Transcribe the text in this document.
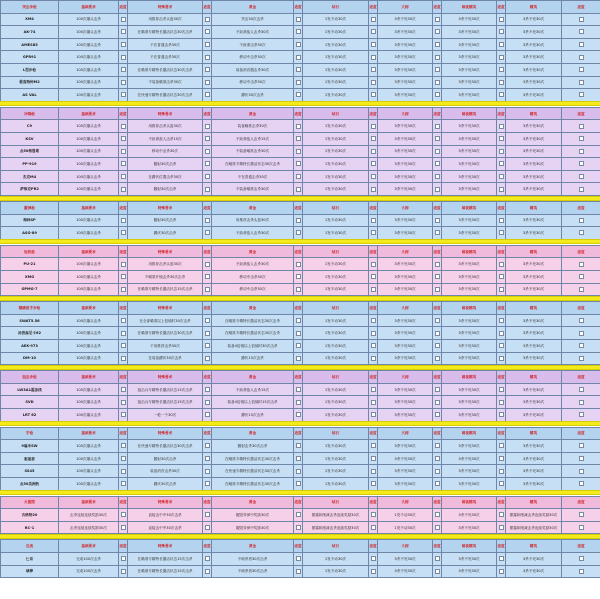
突击步枪	基础要求	进度	特殊要求	进度	黄金	进度	钻石	进度	大师	进度	暗夜精英	进度	精英	进度
XM4	100次爆头击杀		用推荐击杀头盔30次		突击30次击杀		1发不动30次		3杀不死30次		3杀不死30次		3杀不死30次	
AK-74	100次爆头击杀		在瞄准专精特长激活状态30次击杀		不致命敌人击杀30次		1发不动30次		3杀不死30次		3杀不死30次		3杀不死30次	
AMES85	100次爆头击杀		不在普通击杀30次		不致命击杀30次		1发不动30次		3杀不死30次		3杀不死30次		3杀不死30次	
GPR91	100次爆头击杀		不在普通击杀30次		移动中击杀30次		1发不动30次		3杀不死30次		3杀不死30次		3杀不死30次	
L型步枪	100次爆头击杀		在瞄准专精特长激活状态30次击杀		装备消音器击杀30次		1发不动30次		3杀不死30次		3杀不死30次		3杀不死30次	
极客特种M2	100次爆头击杀		不装备瞄准击杀30次		移动中击杀30次		1发不动30次		3杀不死30次		3杀不死30次		3杀不死30次	
AS VAL	100次爆头击杀		在快速专精特长激活状态30次击杀		蹲伏30次击杀		1发不动30次		3杀不死30次		3杀不死30次		3杀不死30次	
冲锋枪	基础要求	进度	特殊要求	进度	黄金	进度	钻石	进度	大师	进度	暗夜精英	进度	精英	进度
C9	100次爆头击杀		用推荐击杀头盔30次		装备瞄准击杀30次		1发不动30次		3杀不死30次		3杀不死30次		3杀不死30次	
KSV	100次爆头击杀		不致命敌人击杀15次		不致命敌人击杀15次		1发不动30次		3杀不死30次		3杀不死30次		3杀不死30次	
点50格鲁斯	100次爆头击杀		移动中击杀30次		不装备瞄准击杀30次		1发不动30次		3杀不死30次		3杀不死30次		3杀不死30次	
PP-919	100次爆头击杀		腰射30次击杀		在瞄准专精特长激活状态30次击杀		1发不动30次		3杀不死30次		3杀不死30次		3杀不死30次	
杰克M4	100次爆头击杀		在蹲伏位置击杀30次		不在普通击杀30次		1发不动30次		3杀不死30次		3杀不死30次		3杀不死30次	
萨维克PR2	100次爆头击杀		腰射30次击杀		不装备瞄准击杀30次		1发不动30次		3杀不死30次		3杀不死30次		3杀不死30次	
霰弹枪	基础要求	进度	特殊要求	进度	黄金	进度	钻石	进度	大师	进度	暗夜精英	进度	精英	进度
梅林SP	100次爆头击杀		腰射30次击杀		用推荐击杀头盔30次		1发不动30次		3杀不死30次		3杀不死30次		3杀不死30次	
ASG-89	100次爆头击杀		蹲伏30次击杀		不致命敌人击杀30次		1发不动30次		3杀不死30次		3杀不死30次		3杀不死30次	
轻机枪	基础要求	进度	特殊要求	进度	黄金	进度	钻石	进度	大师	进度	暗夜精英	进度	精英	进度
PU-21	100次爆头击杀		用推荐击杀头盔30次		不致命敌人击杀30次		1发不动30次		3杀不死30次		3杀不死30次		3杀不死30次	
XMG	100次爆头击杀		不瞄准开镜击杀30次击杀		移动中击杀30次		1发不动30次		3杀不死30次		3杀不死30次		3杀不死30次	
GPMG-7	100次爆头击杀		在瞄准专精特长激活状态15次击杀		移动中击杀30次		1发不动30次		3杀不死30次		3杀不死30次		3杀不死30次	
精确射手步枪	基础要求	进度	特殊要求	进度	黄金	进度	钻石	进度	大师	进度	暗夜精英	进度	精英	进度
SWAT5.56	100次爆头击杀		在全部瞄准以上倍镜时30次击杀		在瞄准专精特长激活状态30次击杀		1发不动30次		3杀不死30次		3杀不死30次		3杀不死30次	
汤普森尼卡62	100次爆头击杀		在瞄准专精特长激活状态30次击杀		在瞄准专精特长激活状态30次击杀		1发不动30次		3杀不死30次		3杀不死30次		3杀不死30次	
AEK-973	100次爆头击杀		不用推荐击杀30次		装备4倍镜以上倍镜时30次击杀		1发不动30次		3杀不死30次		3杀不死30次		3杀不死30次	
DM-10	100次爆头击杀		在装备蹲伏30次击杀		蹲伏15次击杀		1发不动30次		3杀不死30次		3杀不死30次		3杀不死30次	
狙击步枪	基础要求	进度	特殊要求	进度	黄金	进度	钻石	进度	大师	进度	暗夜精英	进度	精英	进度
LW3A1霜冻线	100次爆头击杀		狙击兵专精特长激活状态15次击杀		不致命敌人击杀15次		1发不动30次		3杀不死30次		3杀不死30次		3杀不死30次	
SVD	100次爆头击杀		狙击兵专精特长激活状态15次击杀		装备4倍镜以上倍镜时15次击杀		1发不动30次		3杀不死30次		3杀不死30次		3杀不死30次	
LRT 62	100次爆头击杀		一枪一个30次		蹲伏15次击杀		1发不动30次		3杀不死30次		3杀不死30次		3杀不死30次	
手枪	基础要求	进度	特殊要求	进度	黄金	进度	钻石	进度	大师	进度	暗夜精英	进度	精英	进度
9毫米SW	100次爆头击杀		在快速专精特长激活状态30次击杀		腰射击杀30次击杀		1发不动30次		3杀不死30次		3杀不死30次		3杀不死30次	
驱逐者	100次爆头击杀		腰射30次击杀		在瞄准专精特长激活状态30次击杀		1发不动30次		3杀不死30次		3杀不死30次		3杀不死30次	
SS45	100次爆头击杀		装备消音击杀30次		在快速专精特长激活状态30次击杀		1发不动30次		3杀不死30次		3杀不死30次		3杀不死30次	
点50美洲豹	100次爆头击杀		蹲伏30次击杀		在瞄准专精特长激活状态30次击杀		1发不动30次		3杀不死30次		3杀不死30次		3杀不死30次	
火箭筒	基础要求	进度	特殊要求	进度	黄金	进度	钻石	进度	大师	进度	暗夜精英	进度	精英	进度
吉格特20	击杀连续连续奖励30次		直接击中中30次击杀		摧毁导弹中奖励30次		暴露和削减击杀连续奖励30次		1发不动30次		3杀不死30次		暴露和削减击杀连续奖励30次	
RC-1	击杀连续连续奖励30次		直接击中中30次击杀		摧毁导弹中奖励30次		暴露和削减击杀连续奖励30次		1发不动30次		3杀不死30次		暴露和削减击杀连续奖励30次	
近战	基础要求	进度	特殊要求	进度	黄金	进度	钻石	进度	大师	进度	暗夜精英	进度	精英	进度
匕首	完成100次击杀		在瞄准专精特长激活状态15次击杀		不暗杀者30次击杀		1发不动30次		3杀不死30次		3杀不死30次		3杀不死30次	
球棒	完成100次击杀		在瞄准专精特长激活状态15次击杀		不暗杀者30次击杀		1发不动30次		3杀不死30次		3杀不死30次		3杀不死30次	
